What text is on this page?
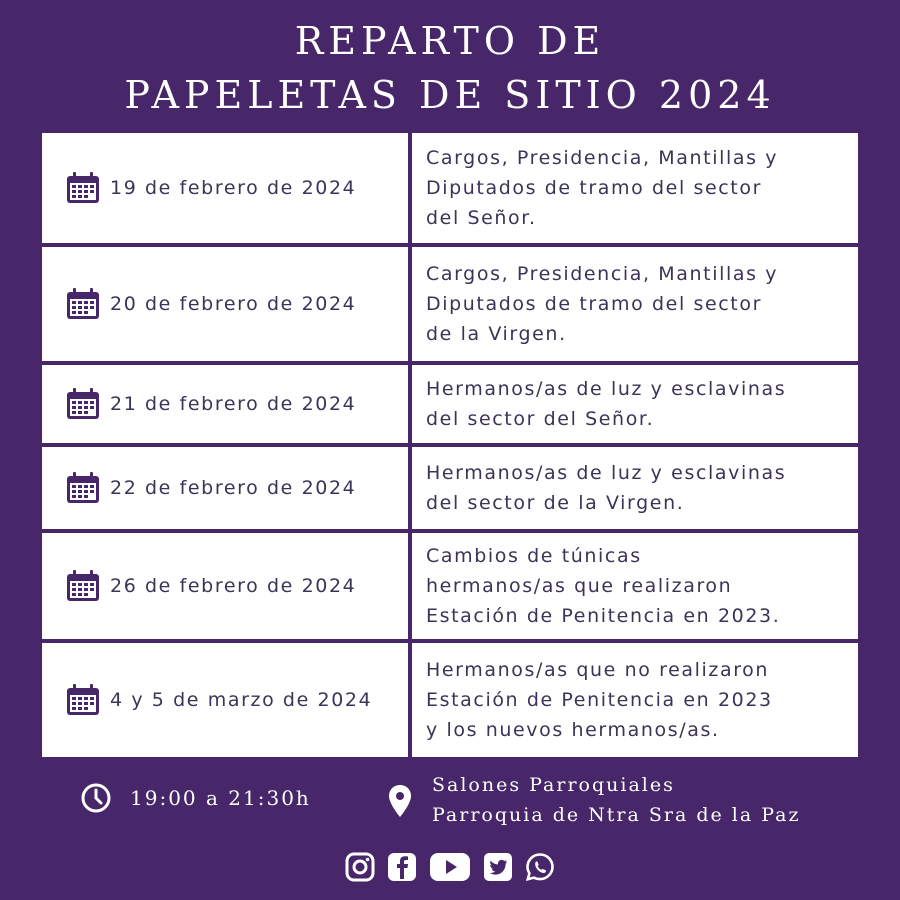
REPARTO DE
PAPELETAS DE SITIO 2024
19 de febrero de 2024
Cargos, Presidencia, Mantillas y
Diputados de tramo del sector
del Señor.
20 de febrero de 2024
Cargos, Presidencia, Mantillas y
Diputados de tramo del sector
de la Virgen.
21 de febrero de 2024
Hermanos/as de luz y esclavinas
del sector del Señor.
22 de febrero de 2024
Hermanos/as de luz y esclavinas
del sector de la Virgen.
26 de febrero de 2024
Cambios de túnicas
hermanos/as que realizaron
Estación de Penitencia en 2023.
4 y 5 de marzo de 2024
Hermanos/as que no realizaron
Estación de Penitencia en 2023
y los nuevos hermanos/as.
19:00 a 21:30h
Salones Parroquiales
Parroquia de Ntra Sra de la Paz
